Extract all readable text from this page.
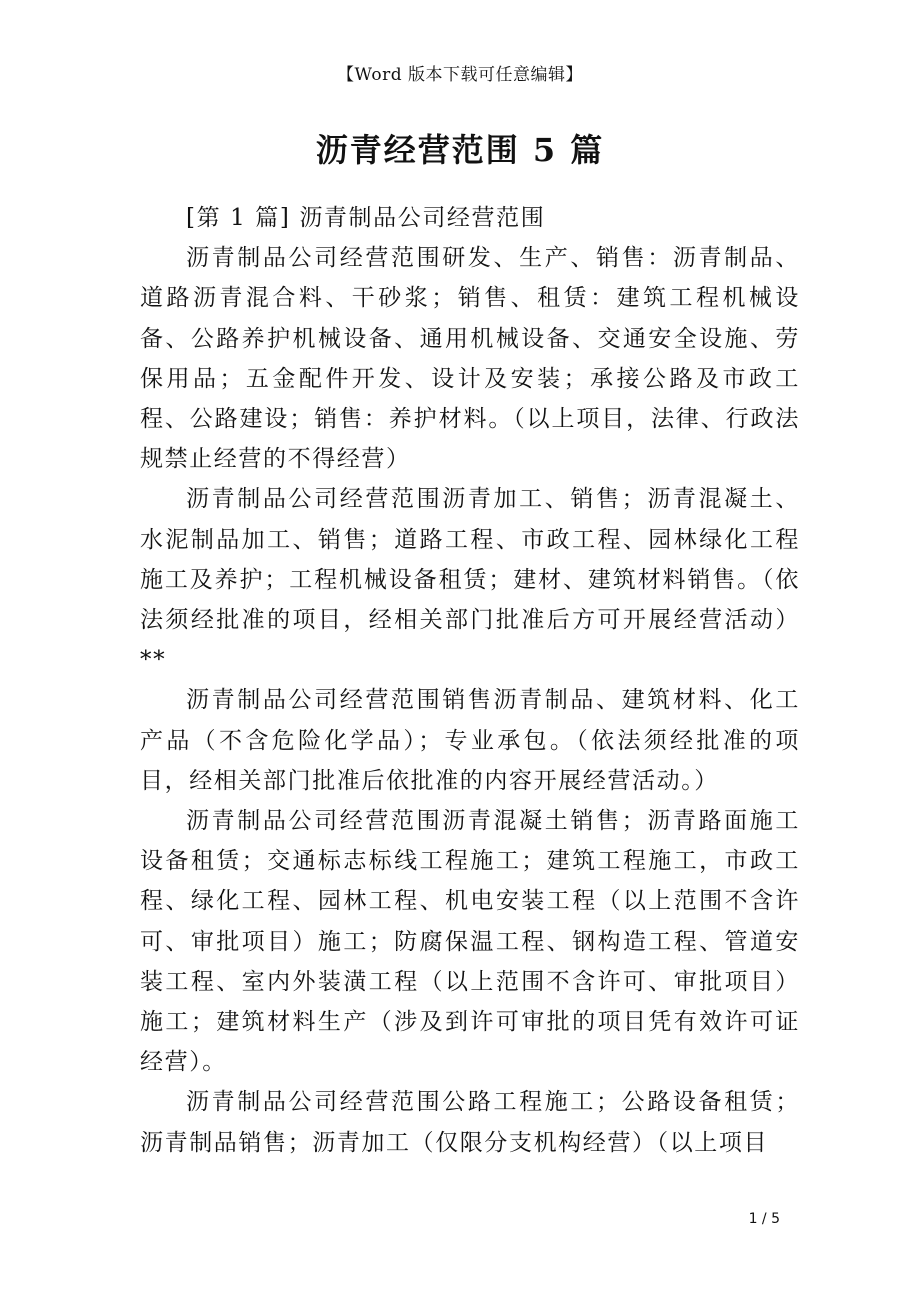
【Word 版本下载可任意编辑】
沥青经营范围 5 篇

[第 1 篇] 沥青制品公司经营范围

沥青制品公司经营范围研发、生产、销售：沥青制品、道路沥青混合料、干砂浆；销售、租赁：建筑工程机械设备、公路养护机械设备、通用机械设备、交通安全设施、劳保用品；五金配件开发、设计及安装；承接公路及市政工程、公路建设；销售：养护材料。（以上项目，法律、行政法规禁止经营的不得经营）

沥青制品公司经营范围沥青加工、销售；沥青混凝土、水泥制品加工、销售；道路工程、市政工程、园林绿化工程施工及养护；工程机械设备租赁；建材、建筑材料销售。（依法须经批准的项目，经相关部门批准后方可开展经营活动）**

沥青制品公司经营范围销售沥青制品、建筑材料、化工产品（不含危险化学品）；专业承包。（依法须经批准的项目，经相关部门批准后依批准的内容开展经营活动。）

沥青制品公司经营范围沥青混凝土销售；沥青路面施工设备租赁；交通标志标线工程施工；建筑工程施工，市政工程、绿化工程、园林工程、机电安装工程（以上范围不含许可、审批项目）施工；防腐保温工程、钢构造工程、管道安装工程、室内外装潢工程（以上范围不含许可、审批项目）施工；建筑材料生产（涉及到许可审批的项目凭有效许可证经营）。

沥青制品公司经营范围公路工程施工；公路设备租赁；沥青制品销售；沥青加工（仅限分支机构经营）（以上项目

1 / 5
